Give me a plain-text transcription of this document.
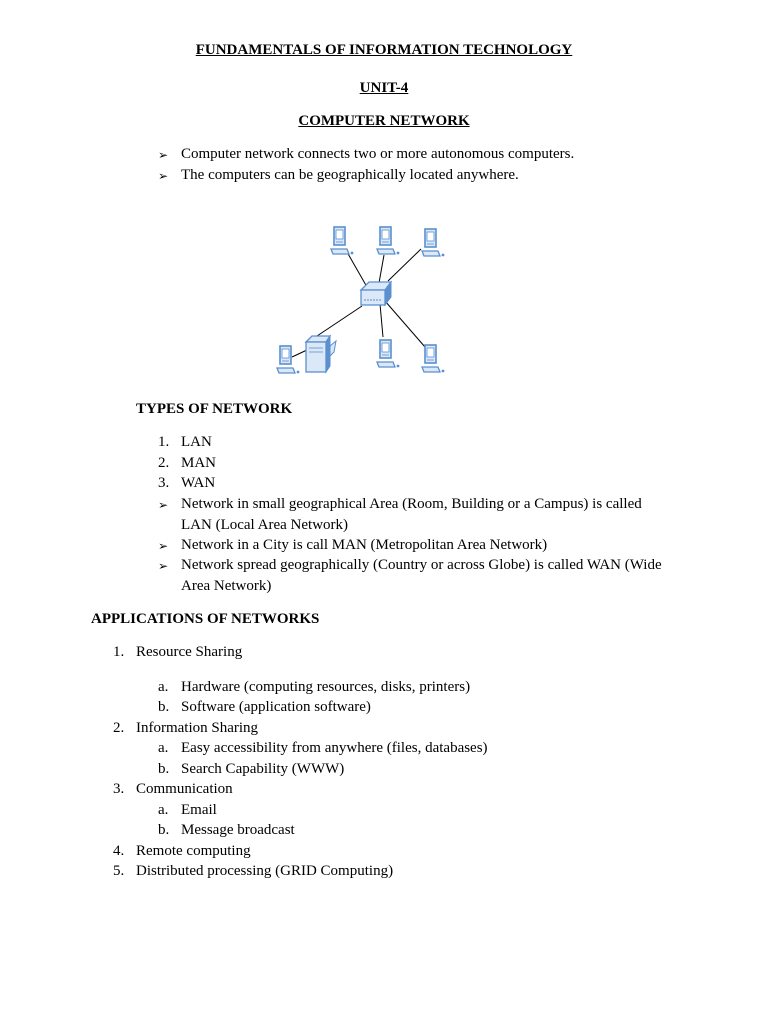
FUNDAMENTALS OF INFORMATION TECHNOLOGY
UNIT-4
COMPUTER NETWORK
➢ Computer network connects two or more autonomous computers.
➢ The computers can be geographically located anywhere.
TYPES OF NETWORK
1. LAN
2. MAN
3. WAN
➢ Network in small geographical Area (Room, Building or a Campus) is called
LAN (Local Area Network)
➢ Network in a City is call MAN (Metropolitan Area Network)
➢ Network spread geographically (Country or across Globe) is called WAN (Wide
Area Network)
APPLICATIONS OF NETWORKS
1. Resource Sharing
a. Hardware (computing resources, disks, printers)
b. Software (application software)
2. Information Sharing
a. Easy accessibility from anywhere (files, databases)
b. Search Capability (WWW)
3. Communication
a. Email
b. Message broadcast
4. Remote computing
5. Distributed processing (GRID Computing)
